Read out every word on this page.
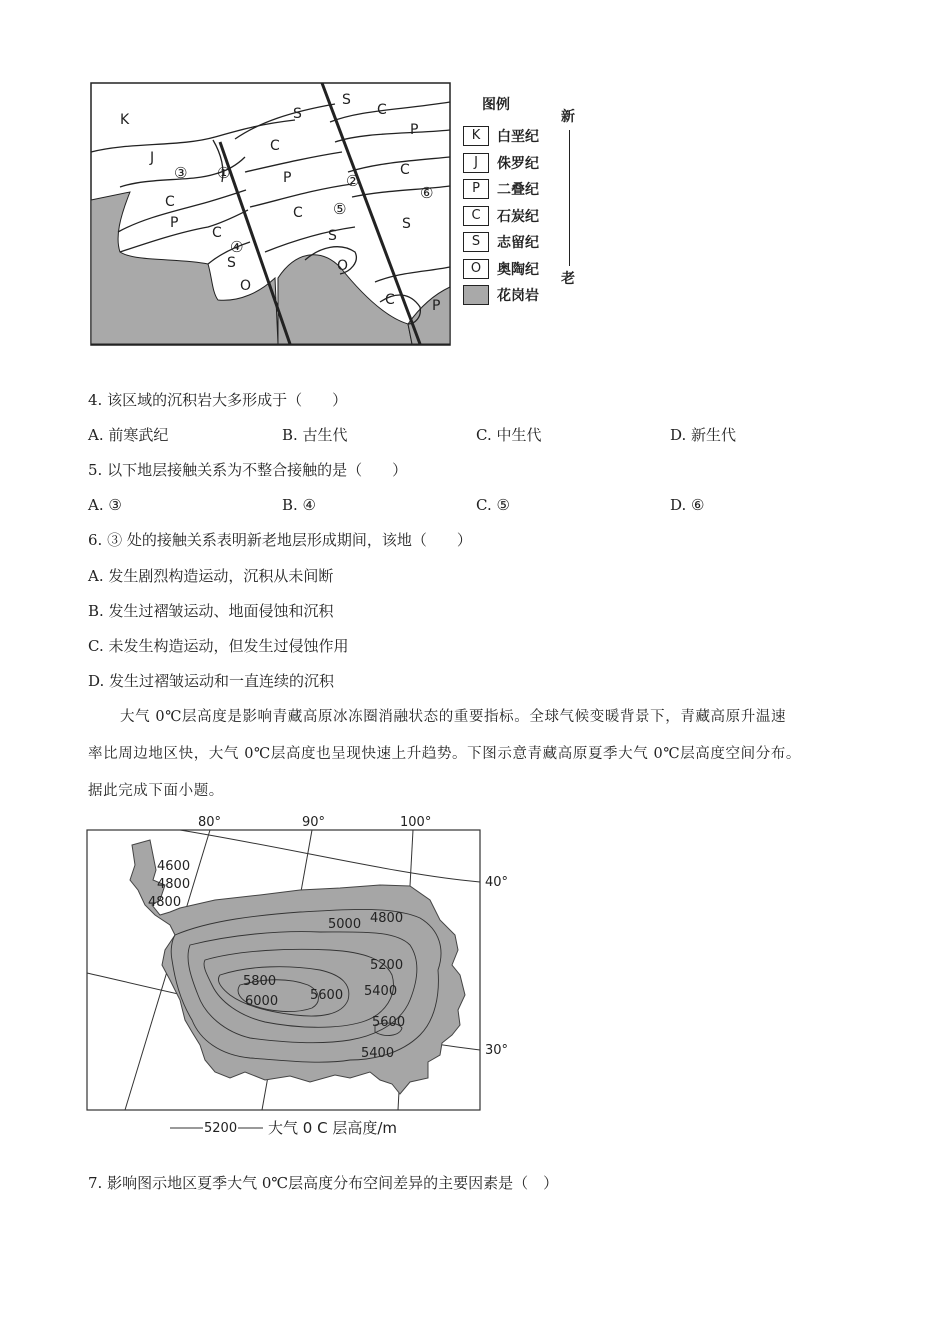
K
J
S
C
P
S
C
P	C
C
P
C
C
S
S
S
O
O
C	P
③ ①	②
⑤
⑥
④
图例
K	白垩纪
J	侏罗纪
P	二叠纪
C	石炭纪
S	志留纪
O	奥陶纪
花岗岩
新
老
4. 该区域的沉积岩大多形成于（　　）
A. 前寒武纪	B. 古生代	C. 中生代	D. 新生代
5. 以下地层接触关系为不整合接触的是（　　）
A. ③	B. ④	C. ⑤	D. ⑥
6. ③ 处的接触关系表明新老地层形成期间，该地（　　）
A. 发生剧烈构造运动，沉积从未间断
B. 发生过褶皱运动、地面侵蚀和沉积
C. 未发生构造运动，但发生过侵蚀作用
D. 发生过褶皱运动和一直连续的沉积
大气 0℃层高度是影响青藏高原冰冻圈消融状态的重要指标。全球气候变暖背景下，青藏高原升温速
率比周边地区快，大气 0℃层高度也呈现快速上升趋势。下图示意青藏高原夏季大气 0℃层高度空间分布。
据此完成下面小题。
80°	90°	100°
40°
30°
4600
4800
4800
5000 4800
5200
5800
6000 5600 5400
5600
5400
5200 大气 0 C 层高度/m
7. 影响图示地区夏季大气 0℃层高度分布空间差异的主要因素是（　）
